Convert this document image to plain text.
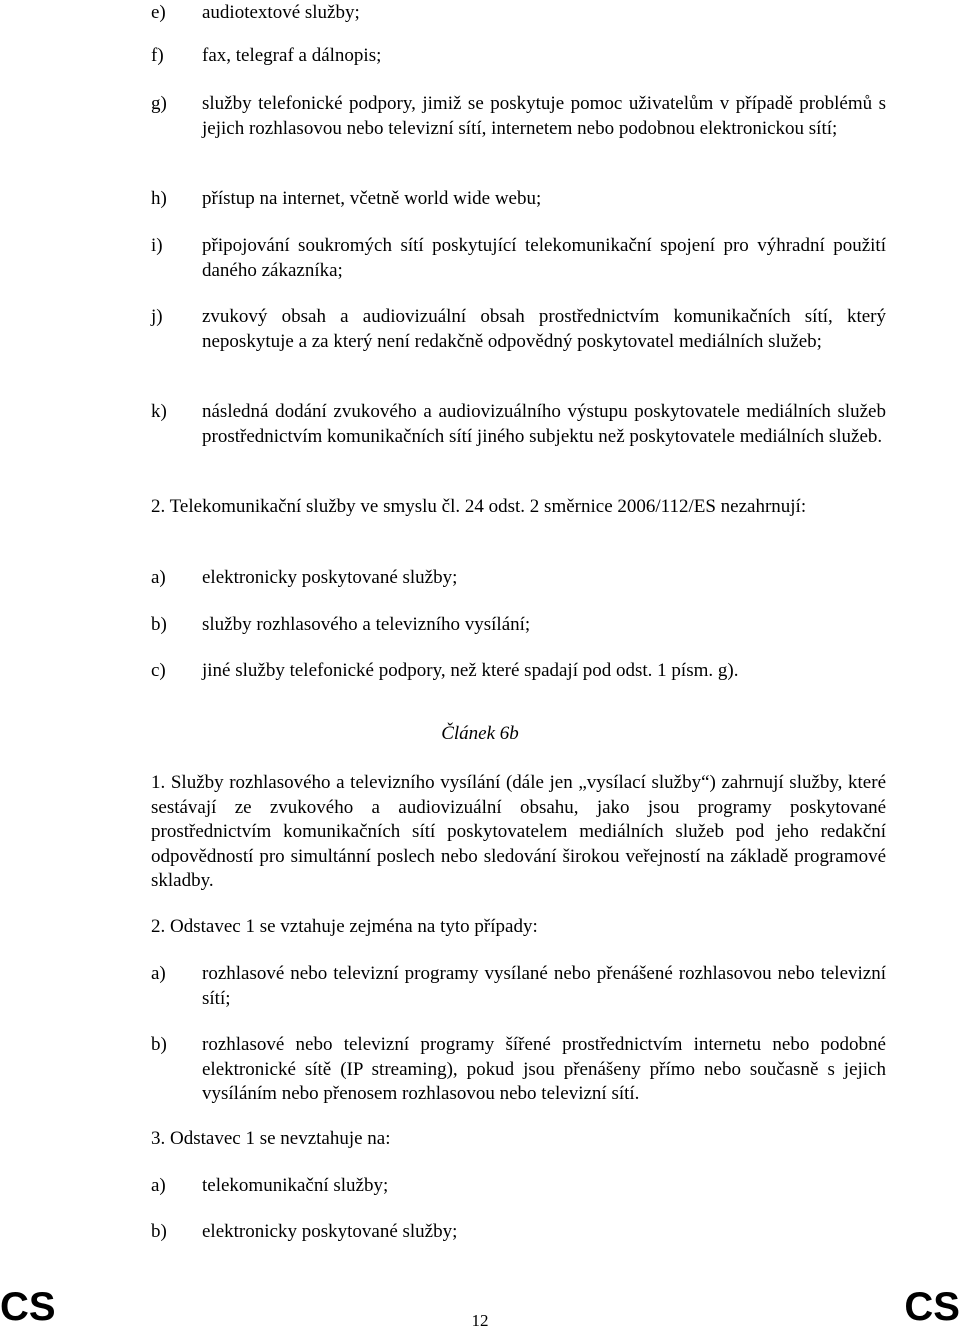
e)	audiotextové služby;
f)	fax, telegraf a dálnopis;
g)	služby telefonické podpory, jimiž se poskytuje pomoc uživatelům v případě problémů s jejich rozhlasovou nebo televizní sítí, internetem nebo podobnou elektronickou sítí;
h)	přístup na internet, včetně world wide webu;
i)	připojování soukromých sítí poskytující telekomunikační spojení pro výhradní použití daného zákazníka;
j)	zvukový obsah a audiovizuální obsah prostřednictvím komunikačních sítí, který neposkytuje a za který není redakčně odpovědný poskytovatel mediálních služeb;
k)	následná dodání zvukového a audiovizuálního výstupu poskytovatele mediálních služeb prostřednictvím komunikačních sítí jiného subjektu než poskytovatele mediálních služeb.
2. Telekomunikační služby ve smyslu čl. 24 odst. 2 směrnice 2006/112/ES nezahrnují:
a)	elektronicky poskytované služby;
b)	služby rozhlasového a televizního vysílání;
c)	jiné služby telefonické podpory, než které spadají pod odst. 1 písm. g).
Článek 6b
1. Služby rozhlasového a televizního vysílání (dále jen „vysílací služby“) zahrnují služby, které sestávají ze zvukového a audiovizuální obsahu, jako jsou programy poskytované prostřednictvím komunikačních sítí poskytovatelem mediálních služeb pod jeho redakční odpovědností pro simultánní poslech nebo sledování širokou veřejností na základě programové skladby.
2. Odstavec 1 se vztahuje zejména na tyto případy:
a)	rozhlasové nebo televizní programy vysílané nebo přenášené rozhlasovou nebo televizní sítí;
b)	rozhlasové nebo televizní programy šířené prostřednictvím internetu nebo podobné elektronické sítě (IP streaming), pokud jsou přenášeny přímo nebo současně s jejich vysíláním nebo přenosem rozhlasovou nebo televizní sítí.
3. Odstavec 1 se nevztahuje na:
a)	telekomunikační služby;
b)	elektronicky poskytované služby;
CS	12	CS
